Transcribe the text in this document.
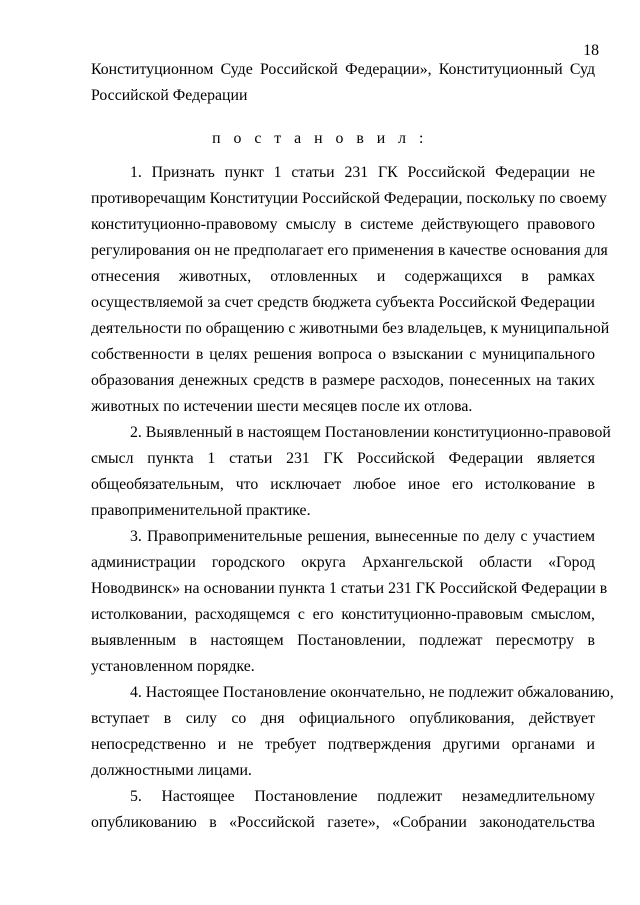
18
Конституционном Суде Российской Федерации», Конституционный Суд
Российской Федерации
п о с т а н о в и л :
1. Признать пункт 1 статьи 231 ГК Российской Федерации не
противоречащим Конституции Российской Федерации, поскольку по своему
конституционно-правовому смыслу в системе действующего правового
регулирования он не предполагает его применения в качестве основания для
отнесения животных, отловленных и содержащихся в рамках
осуществляемой за счет средств бюджета субъекта Российской Федерации
деятельности по обращению с животными без владельцев, к муниципальной
собственности в целях решения вопроса о взыскании с муниципального
образования денежных средств в размере расходов, понесенных на таких
животных по истечении шести месяцев после их отлова.
2. Выявленный в настоящем Постановлении конституционно-правовой
смысл пункта 1 статьи 231 ГК Российской Федерации является
общеобязательным, что исключает любое иное его истолкование в
правоприменительной практике.
3. Правоприменительные решения, вынесенные по делу с участием
администрации городского округа Архангельской области «Город
Новодвинск» на основании пункта 1 статьи 231 ГК Российской Федерации в
истолковании, расходящемся с его конституционно-правовым смыслом,
выявленным в настоящем Постановлении, подлежат пересмотру в
установленном порядке.
4. Настоящее Постановление окончательно, не подлежит обжалованию,
вступает в силу со дня официального опубликования, действует
непосредственно и не требует подтверждения другими органами и
должностными лицами.
5. Настоящее Постановление подлежит незамедлительному
опубликованию в «Российской газете», «Собрании законодательства
